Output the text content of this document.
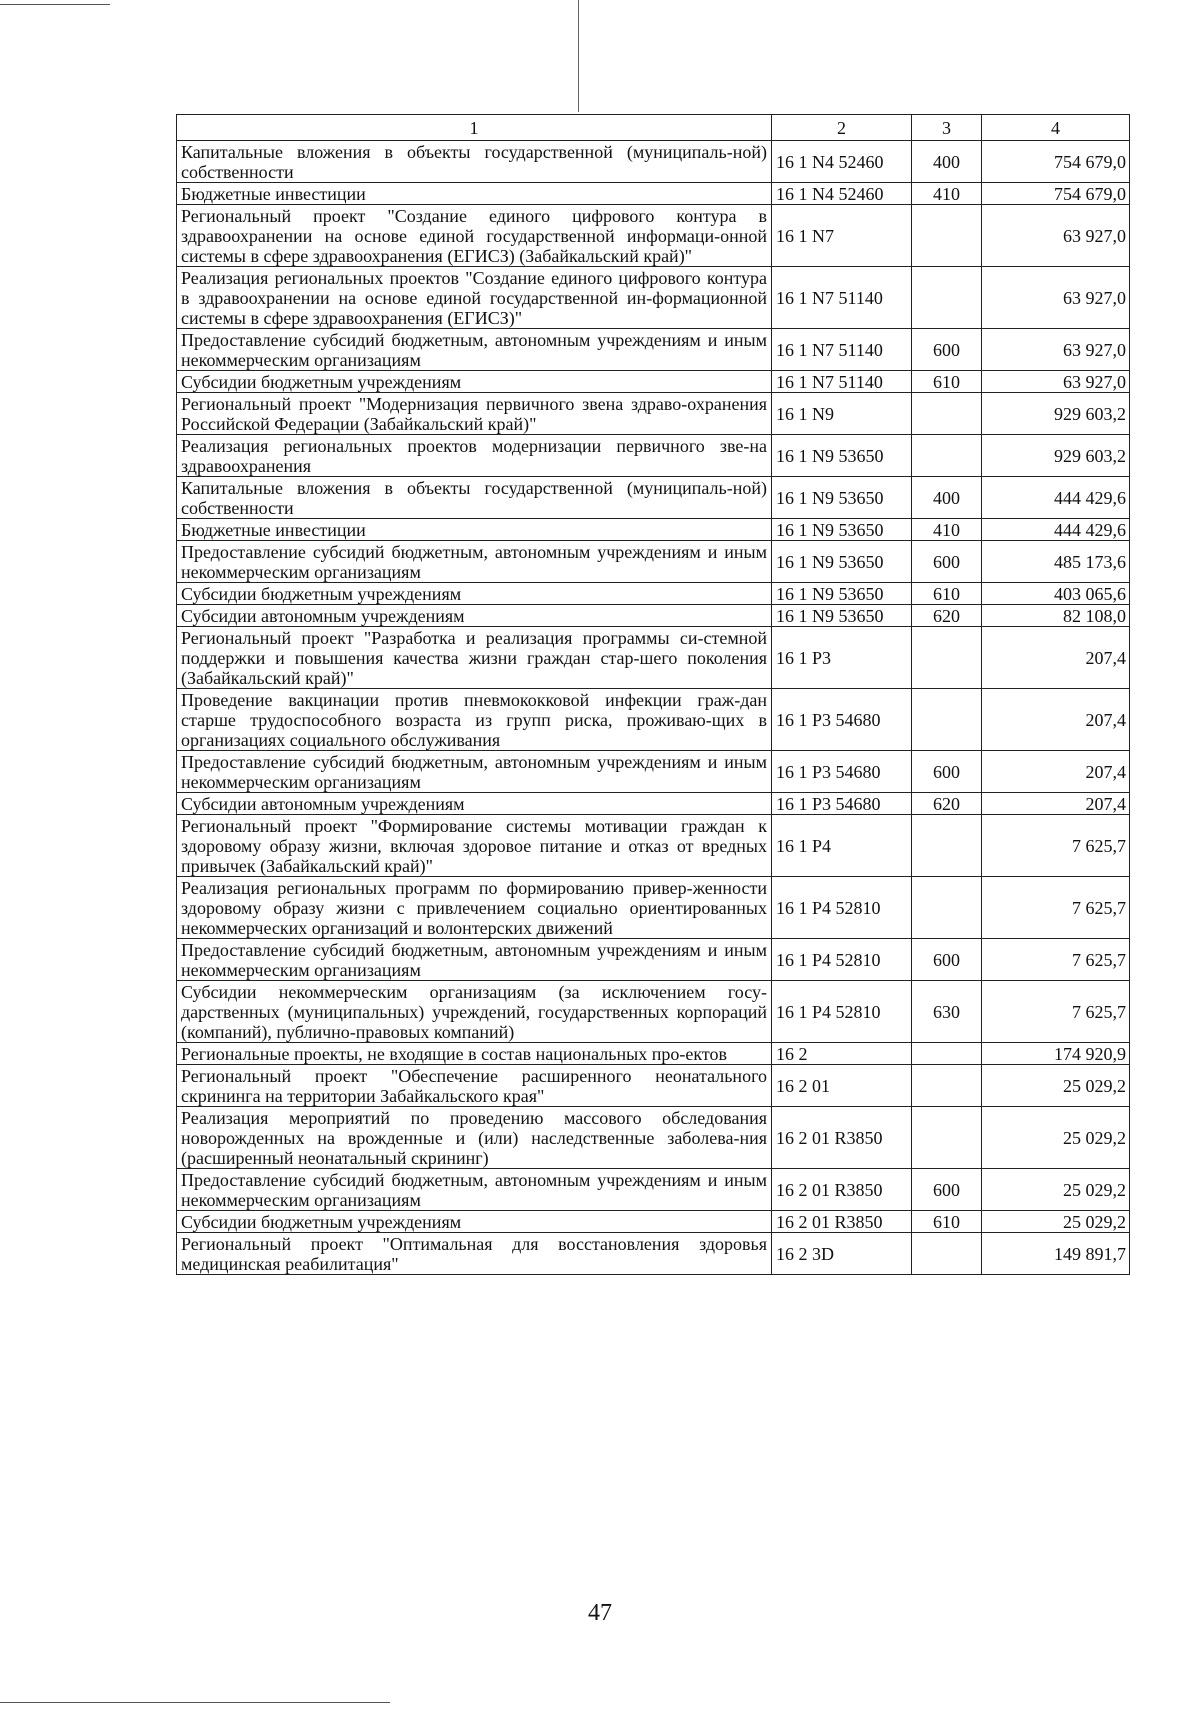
1	2	3	4
Капитальные вложения в объекты государственной (муниципаль-ной) собственности	16 1 N4 52460	400	754 679,0
Бюджетные инвестиции	16 1 N4 52460	410	754 679,0
Региональный проект "Создание единого цифрового контура в здравоохранении на основе единой государственной информаци-онной системы в сфере здравоохранения (ЕГИСЗ) (Забайкальский край)"	16 1 N7		63 927,0
Реализация региональных проектов "Создание единого цифрового контура в здравоохранении на основе единой государственной ин-формационной системы в сфере здравоохранения (ЕГИСЗ)"	16 1 N7 51140		63 927,0
Предоставление субсидий бюджетным, автономным учреждениям и иным некоммерческим организациям	16 1 N7 51140	600	63 927,0
Субсидии бюджетным учреждениям	16 1 N7 51140	610	63 927,0
Региональный проект "Модернизация первичного звена здраво-охранения Российской Федерации (Забайкальский край)"	16 1 N9		929 603,2
Реализация региональных проектов модернизации первичного зве-на здравоохранения	16 1 N9 53650		929 603,2
Капитальные вложения в объекты государственной (муниципаль-ной) собственности	16 1 N9 53650	400	444 429,6
Бюджетные инвестиции	16 1 N9 53650	410	444 429,6
Предоставление субсидий бюджетным, автономным учреждениям и иным некоммерческим организациям	16 1 N9 53650	600	485 173,6
Субсидии бюджетным учреждениям	16 1 N9 53650	610	403 065,6
Субсидии автономным учреждениям	16 1 N9 53650	620	82 108,0
Региональный проект "Разработка и реализация программы си-стемной поддержки и повышения качества жизни граждан стар-шего поколения (Забайкальский край)"	16 1 P3		207,4
Проведение вакцинации против пневмококковой инфекции граж-дан старше трудоспособного возраста из групп риска, проживаю-щих в организациях социального обслуживания	16 1 P3 54680		207,4
Предоставление субсидий бюджетным, автономным учреждениям и иным некоммерческим организациям	16 1 P3 54680	600	207,4
Субсидии автономным учреждениям	16 1 P3 54680	620	207,4
Региональный проект "Формирование системы мотивации граждан к здоровому образу жизни, включая здоровое питание и отказ от вредных привычек (Забайкальский край)"	16 1 P4		7 625,7
Реализация региональных программ по формированию привер-женности здоровому образу жизни с привлечением социально ориентированных некоммерческих организаций и волонтерских движений	16 1 P4 52810		7 625,7
Предоставление субсидий бюджетным, автономным учреждениям и иным некоммерческим организациям	16 1 P4 52810	600	7 625,7
Субсидии некоммерческим организациям (за исключением госу-дарственных (муниципальных) учреждений, государственных корпораций (компаний), публично-правовых компаний)	16 1 P4 52810	630	7 625,7
Региональные проекты, не входящие в состав национальных про-ектов	16 2		174 920,9
Региональный проект "Обеспечение расширенного неонатального скрининга на территории Забайкальского края"	16 2 01		25 029,2
Реализация мероприятий по проведению массового обследования новорожденных на врожденные и (или) наследственные заболева-ния (расширенный неонатальный скрининг)	16 2 01 R3850		25 029,2
Предоставление субсидий бюджетным, автономным учреждениям и иным некоммерческим организациям	16 2 01 R3850	600	25 029,2
Субсидии бюджетным учреждениям	16 2 01 R3850	610	25 029,2
Региональный проект "Оптимальная для восстановления здоровья медицинская реабилитация"	16 2 3D		149 891,7
47
